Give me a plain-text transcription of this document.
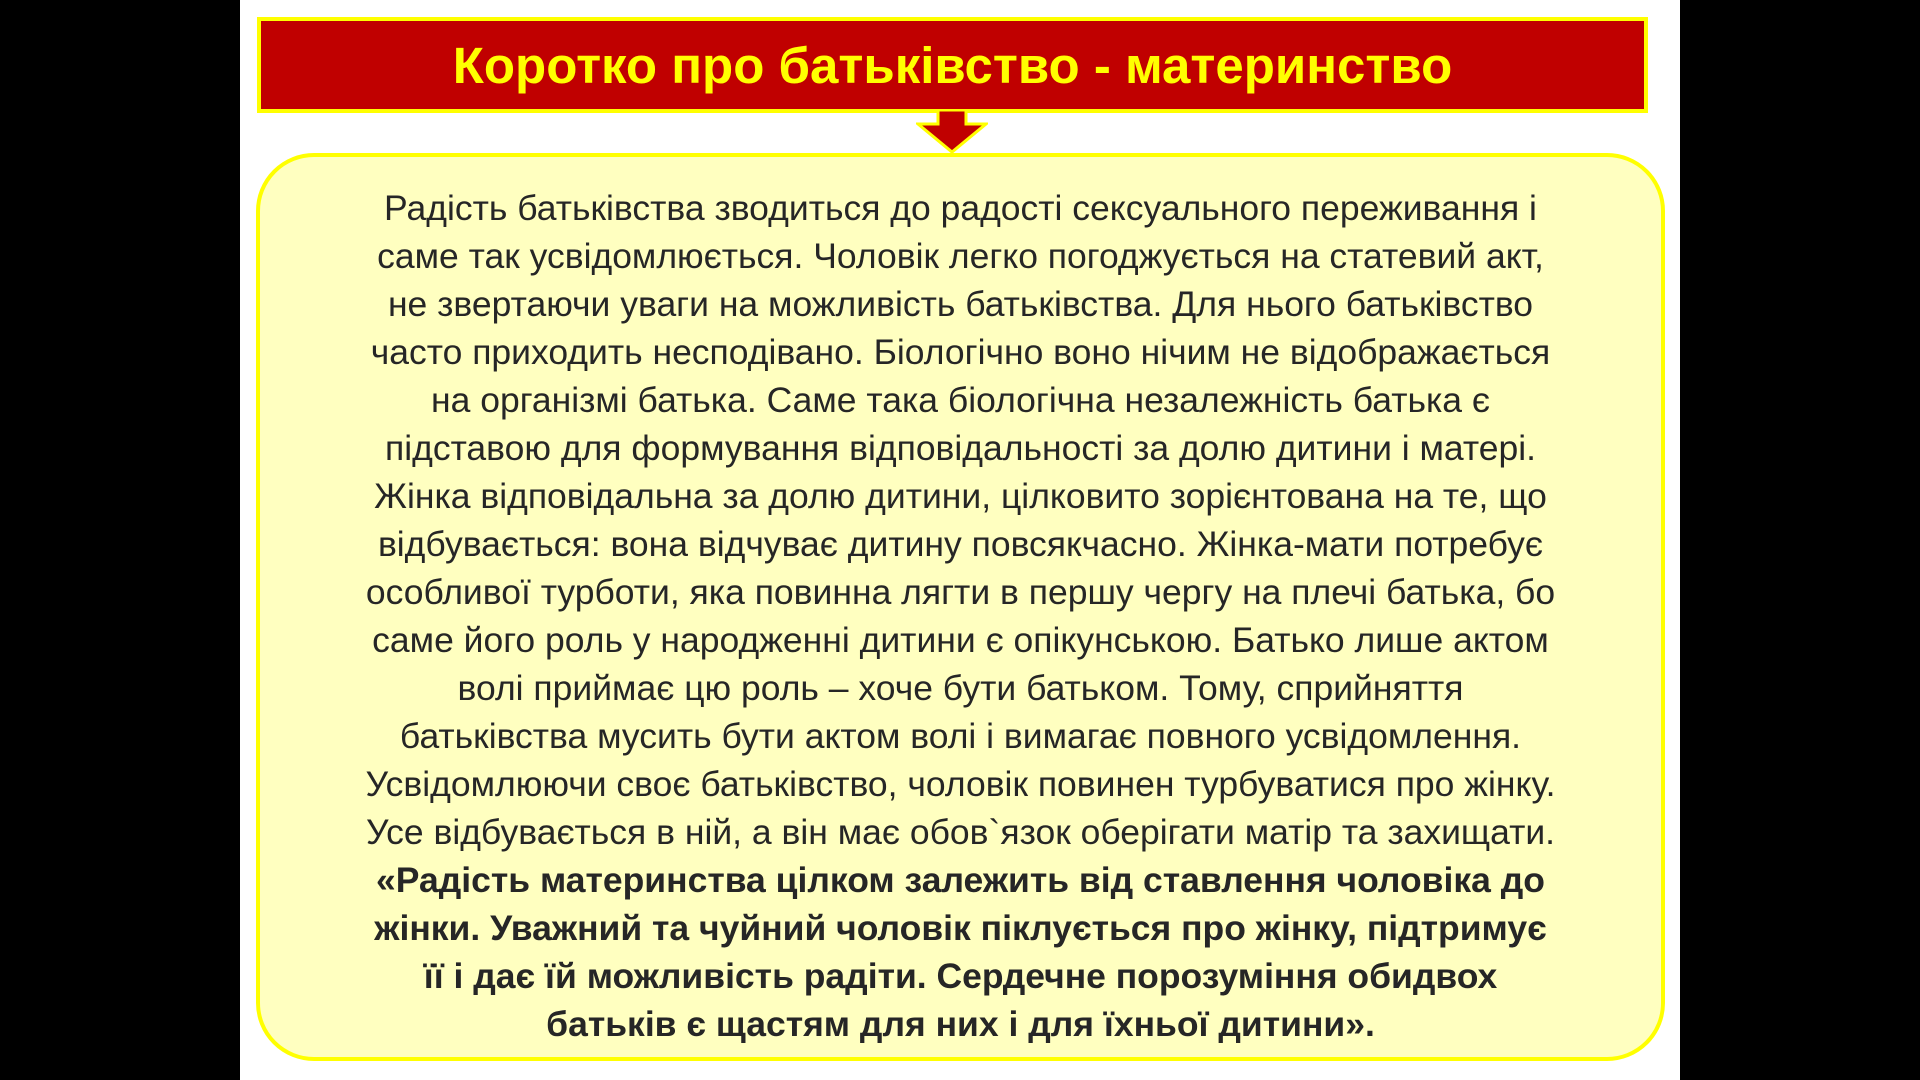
Коротко про батьківство - материнство

Радість батьківства зводиться до радості сексуального переживання і
саме так усвідомлюється. Чоловік легко погоджується на статевий акт,
не звертаючи уваги на можливість батьківства. Для нього батьківство
часто приходить несподівано. Біологічно воно нічим не відображається
на організмі батька. Саме така біологічна незалежність батька є
підставою для формування відповідальності за долю дитини і матері.
Жінка відповідальна за долю дитини, цілковито зорієнтована на те, що
відбувається: вона відчуває дитину повсякчасно. Жінка-мати потребує
особливої турботи, яка повинна лягти в першу чергу на плечі батька, бо
саме його роль у народженні дитини є опікунською. Батько лише актом
волі приймає цю роль – хоче бути батьком. Тому, сприйняття
батьківства мусить бути актом волі і вимагає повного усвідомлення.
Усвідомлюючи своє батьківство, чоловік повинен турбуватися про жінку.
Усе відбувається в ній, а він має обов`язок оберігати матір та захищати.
«Радість материнства цілком залежить від ставлення чоловіка до
жінки. Уважний та чуйний чоловік піклується про жінку, підтримує
її і дає їй можливість радіти. Сердечне порозуміння обидвох
батьків є щастям для них і для їхньої дитини».
